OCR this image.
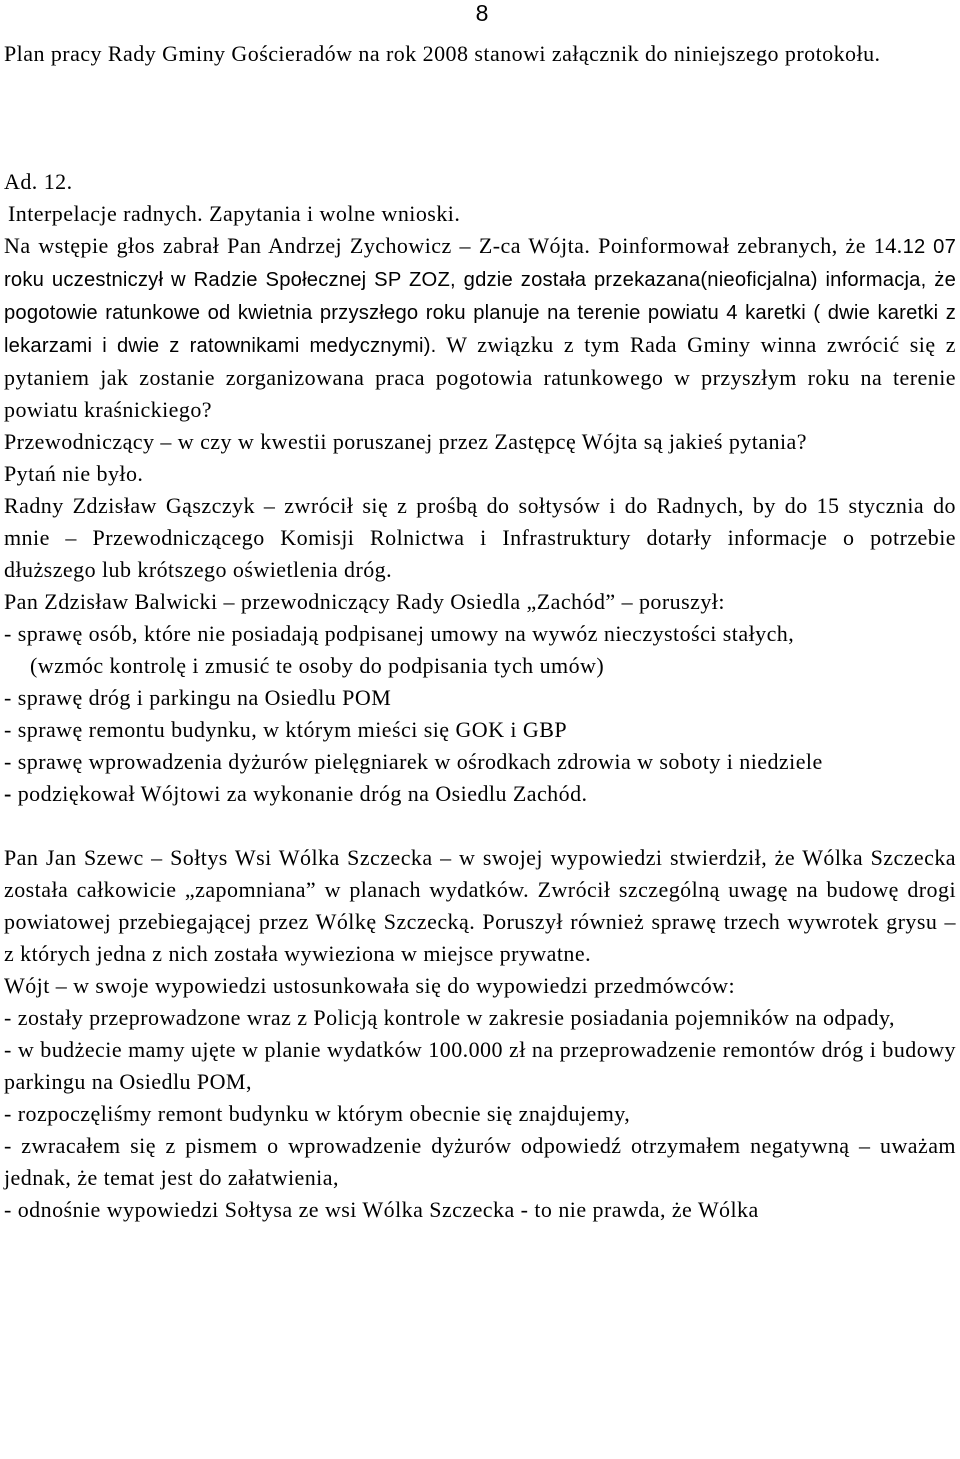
8

Plan pracy Rady Gminy Gościeradów na rok 2008 stanowi załącznik do niniejszego protokołu.

Ad. 12.

Interpelacje radnych. Zapytania i wolne wnioski.

Na wstępie głos zabrał Pan Andrzej Zychowicz – Z-ca Wójta. Poinformował zebranych, że 14.12 07 roku uczestniczył w Radzie Społecznej SP ZOZ, gdzie została przekazana(nieoficjalna) informacja, że pogotowie ratunkowe od kwietnia przyszłego roku planuje na terenie powiatu 4 karetki ( dwie karetki z lekarzami i dwie z ratownikami medycznymi). W związku z tym Rada Gminy winna zwrócić się z pytaniem jak zostanie zorganizowana praca pogotowia ratunkowego w przyszłym roku na terenie powiatu kraśnickiego?

Przewodniczący – w czy w kwestii poruszanej przez Zastępcę Wójta są jakieś pytania?

Pytań nie było.

Radny Zdzisław Gąszczyk – zwrócił się z prośbą do sołtysów i do Radnych, by do 15 stycznia do mnie – Przewodniczącego Komisji Rolnictwa i Infrastruktury dotarły informacje o potrzebie dłuższego lub krótszego oświetlenia dróg.

Pan Zdzisław Balwicki – przewodniczący Rady Osiedla „Zachód” – poruszył:

- sprawę osób, które nie posiadają podpisanej umowy na wywóz nieczystości stałych,

(wzmóc kontrolę i zmusić te osoby do podpisania tych umów)

- sprawę dróg i parkingu na Osiedlu POM

- sprawę remontu budynku, w którym mieści się GOK i GBP

- sprawę wprowadzenia dyżurów pielęgniarek w ośrodkach zdrowia w soboty i niedziele

- podziękował Wójtowi za wykonanie dróg na Osiedlu Zachód.

Pan Jan Szewc – Sołtys Wsi Wólka Szczecka – w swojej wypowiedzi stwierdził, że Wólka Szczecka została całkowicie „zapomniana” w planach wydatków. Zwrócił szczególną uwagę na budowę drogi powiatowej przebiegającej przez Wólkę Szczecką. Poruszył również sprawę trzech wywrotek grysu – z których jedna z nich została wywieziona w miejsce prywatne.

Wójt – w swoje wypowiedzi ustosunkowała się do wypowiedzi przedmówców:

- zostały przeprowadzone wraz z Policją kontrole w zakresie posiadania pojemników na odpady,

- w budżecie mamy ujęte w planie wydatków 100.000 zł na przeprowadzenie remontów dróg i budowy parkingu na Osiedlu POM,

- rozpoczęliśmy remont budynku w którym obecnie się znajdujemy,

- zwracałem się z pismem o wprowadzenie dyżurów odpowiedź otrzymałem negatywną – uważam jednak, że temat jest do załatwienia,

- odnośnie wypowiedzi Sołtysa ze wsi Wólka Szczecka - to nie prawda, że Wólka
